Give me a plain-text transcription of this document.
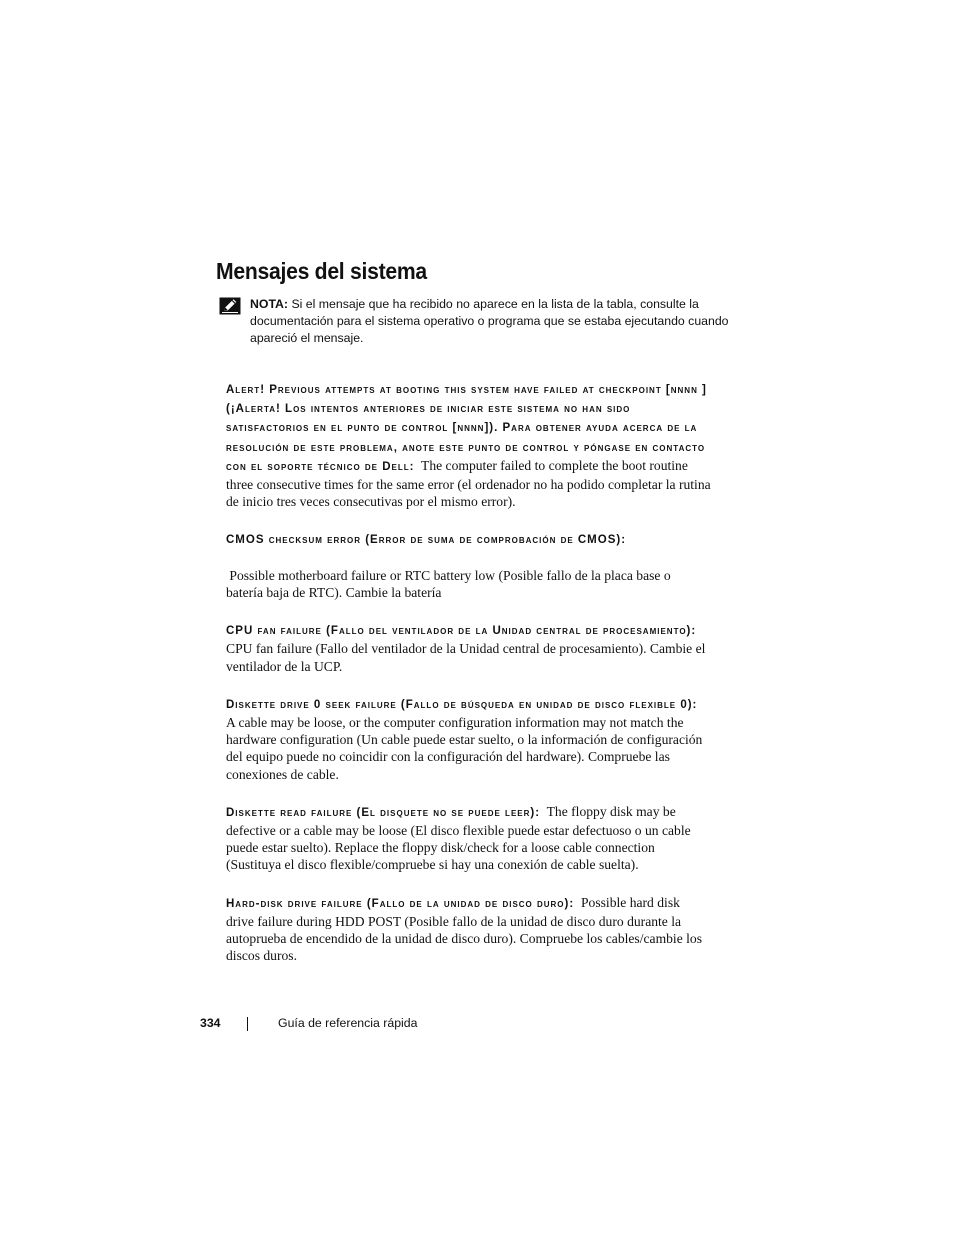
Mensajes del sistema
NOTA: Si el mensaje que ha recibido no aparece en la lista de la tabla, consulte la documentación para el sistema operativo o programa que se estaba ejecutando cuando apareció el mensaje.

Alert! Previous attempts at booting this system have failed at checkpoint [nnnn ] (¡Alerta! Los intentos anteriores de iniciar este sistema no han sido satisfactorios en el punto de control [nnnn]). Para obtener ayuda acerca de la resolución de este problema, anote este punto de control y póngase en contacto con el soporte técnico de Dell: The computer failed to complete the boot routine three consecutive times for the same error (el ordenador no ha podido completar la rutina de inicio tres veces consecutivas por el mismo error).

CMOS checksum error (Error de suma de comprobación de CMOS):

Possible motherboard failure or RTC battery low (Posible fallo de la placa base o batería baja de RTC). Cambie la batería

CPU fan failure (Fallo del ventilador de la Unidad central de procesamiento):  CPU fan failure (Fallo del ventilador de la Unidad central de procesamiento). Cambie el ventilador de la UCP.

Diskette drive 0 seek failure (Fallo de búsqueda en unidad de disco flexible 0):  A cable may be loose, or the computer configuration information may not match the hardware configuration (Un cable puede estar suelto, o la información de configuración del equipo puede no coincidir con la configuración del hardware). Compruebe las conexiones de cable.

Diskette read failure (El disquete no se puede leer): The floppy disk may be defective or a cable may be loose (El disco flexible puede estar defectuoso o un cable puede estar suelto). Replace the floppy disk/check for a loose cable connection (Sustituya el disco flexible/compruebe si hay una conexión de cable suelta).

Hard-disk drive failure (Fallo de la unidad de disco duro): Possible hard disk drive failure during HDD POST (Posible fallo de la unidad de disco duro durante la autoprueba de encendido de la unidad de disco duro). Compruebe los cables/cambie los discos duros.

334	Guía de referencia rápida
